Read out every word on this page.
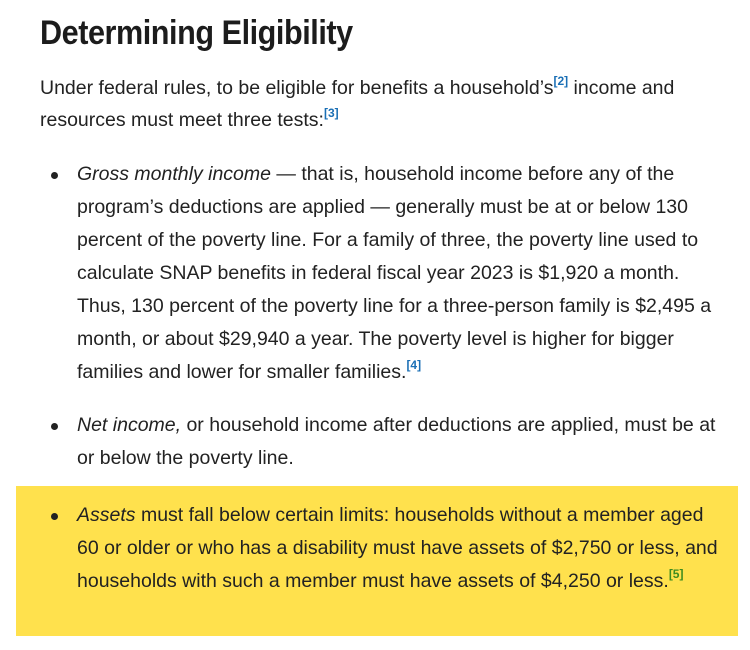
Determining Eligibility

Under federal rules, to be eligible for benefits a household’s[2] income and resources must meet three tests:[3]

Gross monthly income — that is, household income before any of the program’s deductions are applied — generally must be at or below 130 percent of the poverty line. For a family of three, the poverty line used to calculate SNAP benefits in federal fiscal year 2023 is $1,920 a month. Thus, 130 percent of the poverty line for a three-person family is $2,495 a month, or about $29,940 a year. The poverty level is higher for bigger families and lower for smaller families.[4]

Net income, or household income after deductions are applied, must be at or below the poverty line.

Assets must fall below certain limits: households without a member aged 60 or older or who has a disability must have assets of $2,750 or less, and households with such a member must have assets of $4,250 or less.[5]
